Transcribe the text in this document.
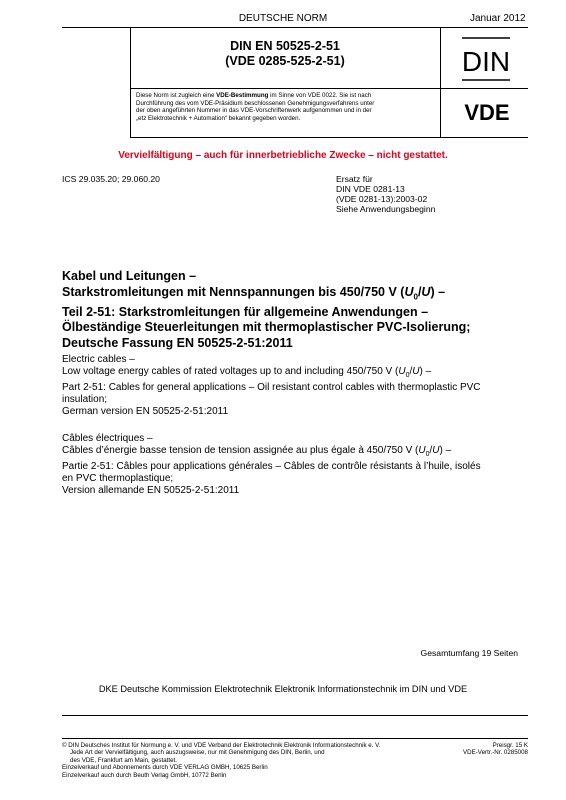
DEUTSCHE NORM	Januar 2012
DIN EN 50525-2-51
(VDE 0285-525-2-51)	DIN
Diese Norm ist zugleich eine VDE-Bestimmung im Sinne von VDE 0022. Sie ist nach
Durchführung des vom VDE-Präsidium beschlossenen Genehmigungsverfahrens unter
der oben angeführten Nummer in das VDE-Vorschriftenwerk aufgenommen und in der
„etz Elektrotechnik + Automation“ bekannt gegeben worden.	VDE
Vervielfältigung – auch für innerbetriebliche Zwecke – nicht gestattet.
ICS 29.035.20; 29.060.20	Ersatz für
DIN VDE 0281-13
(VDE 0281-13):2003-02
Siehe Anwendungsbeginn
Kabel und Leitungen –
Starkstromleitungen mit Nennspannungen bis 450/750 V $(U_0/U)$ –
Teil 2-51: Starkstromleitungen für allgemeine Anwendungen –
Ölbeständige Steuerleitungen mit thermoplastischer PVC-Isolierung;
Deutsche Fassung EN 50525-2-51:2011
Electric cables –
Low voltage energy cables of rated voltages up to and including 450/750 V $(U_0/U)$ –
Part 2-51: Cables for general applications – Oil resistant control cables with thermoplastic PVC
insulation;
German version EN 50525-2-51:2011
Câbles électriques –
Câbles d’énergie basse tension de tension assignée au plus égale à 450/750 V $(U_0/U)$ –
Partie 2-51: Câbles pour applications générales – Câbles de contrôle résistants à l’huile, isolés
en PVC thermoplastique;
Version allemande EN 50525-2-51:2011
Gesamtumfang 19 Seiten
DKE Deutsche Kommission Elektrotechnik Elektronik Informationstechnik im DIN und VDE
© DIN Deutsches Institut für Normung e. V. und VDE Verband der Elektrotechnik Elektronik Informationstechnik e. V.
Jede Art der Vervielfältigung, auch auszugsweise, nur mit Genehmigung des DIN, Berlin, und
des VDE, Frankfurt am Main, gestattet.
Einzelverkauf und Abonnements durch VDE VERLAG GMBH, 10625 Berlin
Einzelverkauf auch durch Beuth Verlag GmbH, 10772 Berlin
Preisgr. 15 K
VDE-Vertr.-Nr. 0285008
